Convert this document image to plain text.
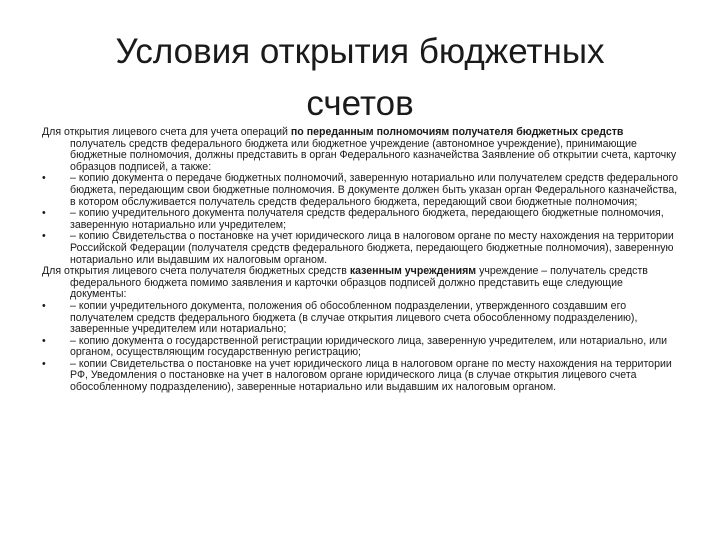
Условия открытия бюджетных счетов

Для открытия лицевого счета для учета операций по переданным полномочиям получателя бюджетных средств получатель средств федерального бюджета или бюджетное учреждение (автономное учреждение), принимающие бюджетные полномочия, должны представить в орган Федерального казначейства Заявление об открытии счета, карточку образцов подписей, а также:

•	– копию документа о передаче бюджетных полномочий, заверенную нотариально или получателем средств федерального бюджета, передающим свои бюджетные полномочия. В документе должен быть указан орган Федерального казначейства, в котором обслуживается получатель средств федерального бюджета, передающий свои бюджетные полномочия;
•	– копию учредительного документа получателя средств федерального бюджета, передающего бюджетные полномочия, заверенную нотариально или учредителем;
•	– копию Свидетельства о постановке на учет юридического лица в налоговом органе по месту нахождения на территории Российской Федерации (получателя средств федерального бюджета, передающего бюджетные полномочия), заверенную нотариально или выдавшим их налоговым органом.

Для открытия лицевого счета получателя бюджетных средств казенным учреждениям учреждение – получатель средств федерального бюджета помимо заявления и карточки образцов подписей должно представить еще следующие документы:

•	– копии учредительного документа, положения об обособленном подразделении, утвержденного создавшим его получателем средств федерального бюджета (в случае открытия лицевого счета обособленному подразделению), заверенные учредителем или нотариально;
•	– копию документа о государственной регистрации юридического лица, заверенную учредителем, или нотариально, или органом, осуществляющим государственную регистрацию;
•	– копии Свидетельства о постановке на учет юридического лица в налоговом органе по месту нахождения на территории РФ, Уведомления о постановке на учет в налоговом органе юридического лица (в случае открытия лицевого счета обособленному подразделению), заверенные нотариально или выдавшим их налоговым органом.
